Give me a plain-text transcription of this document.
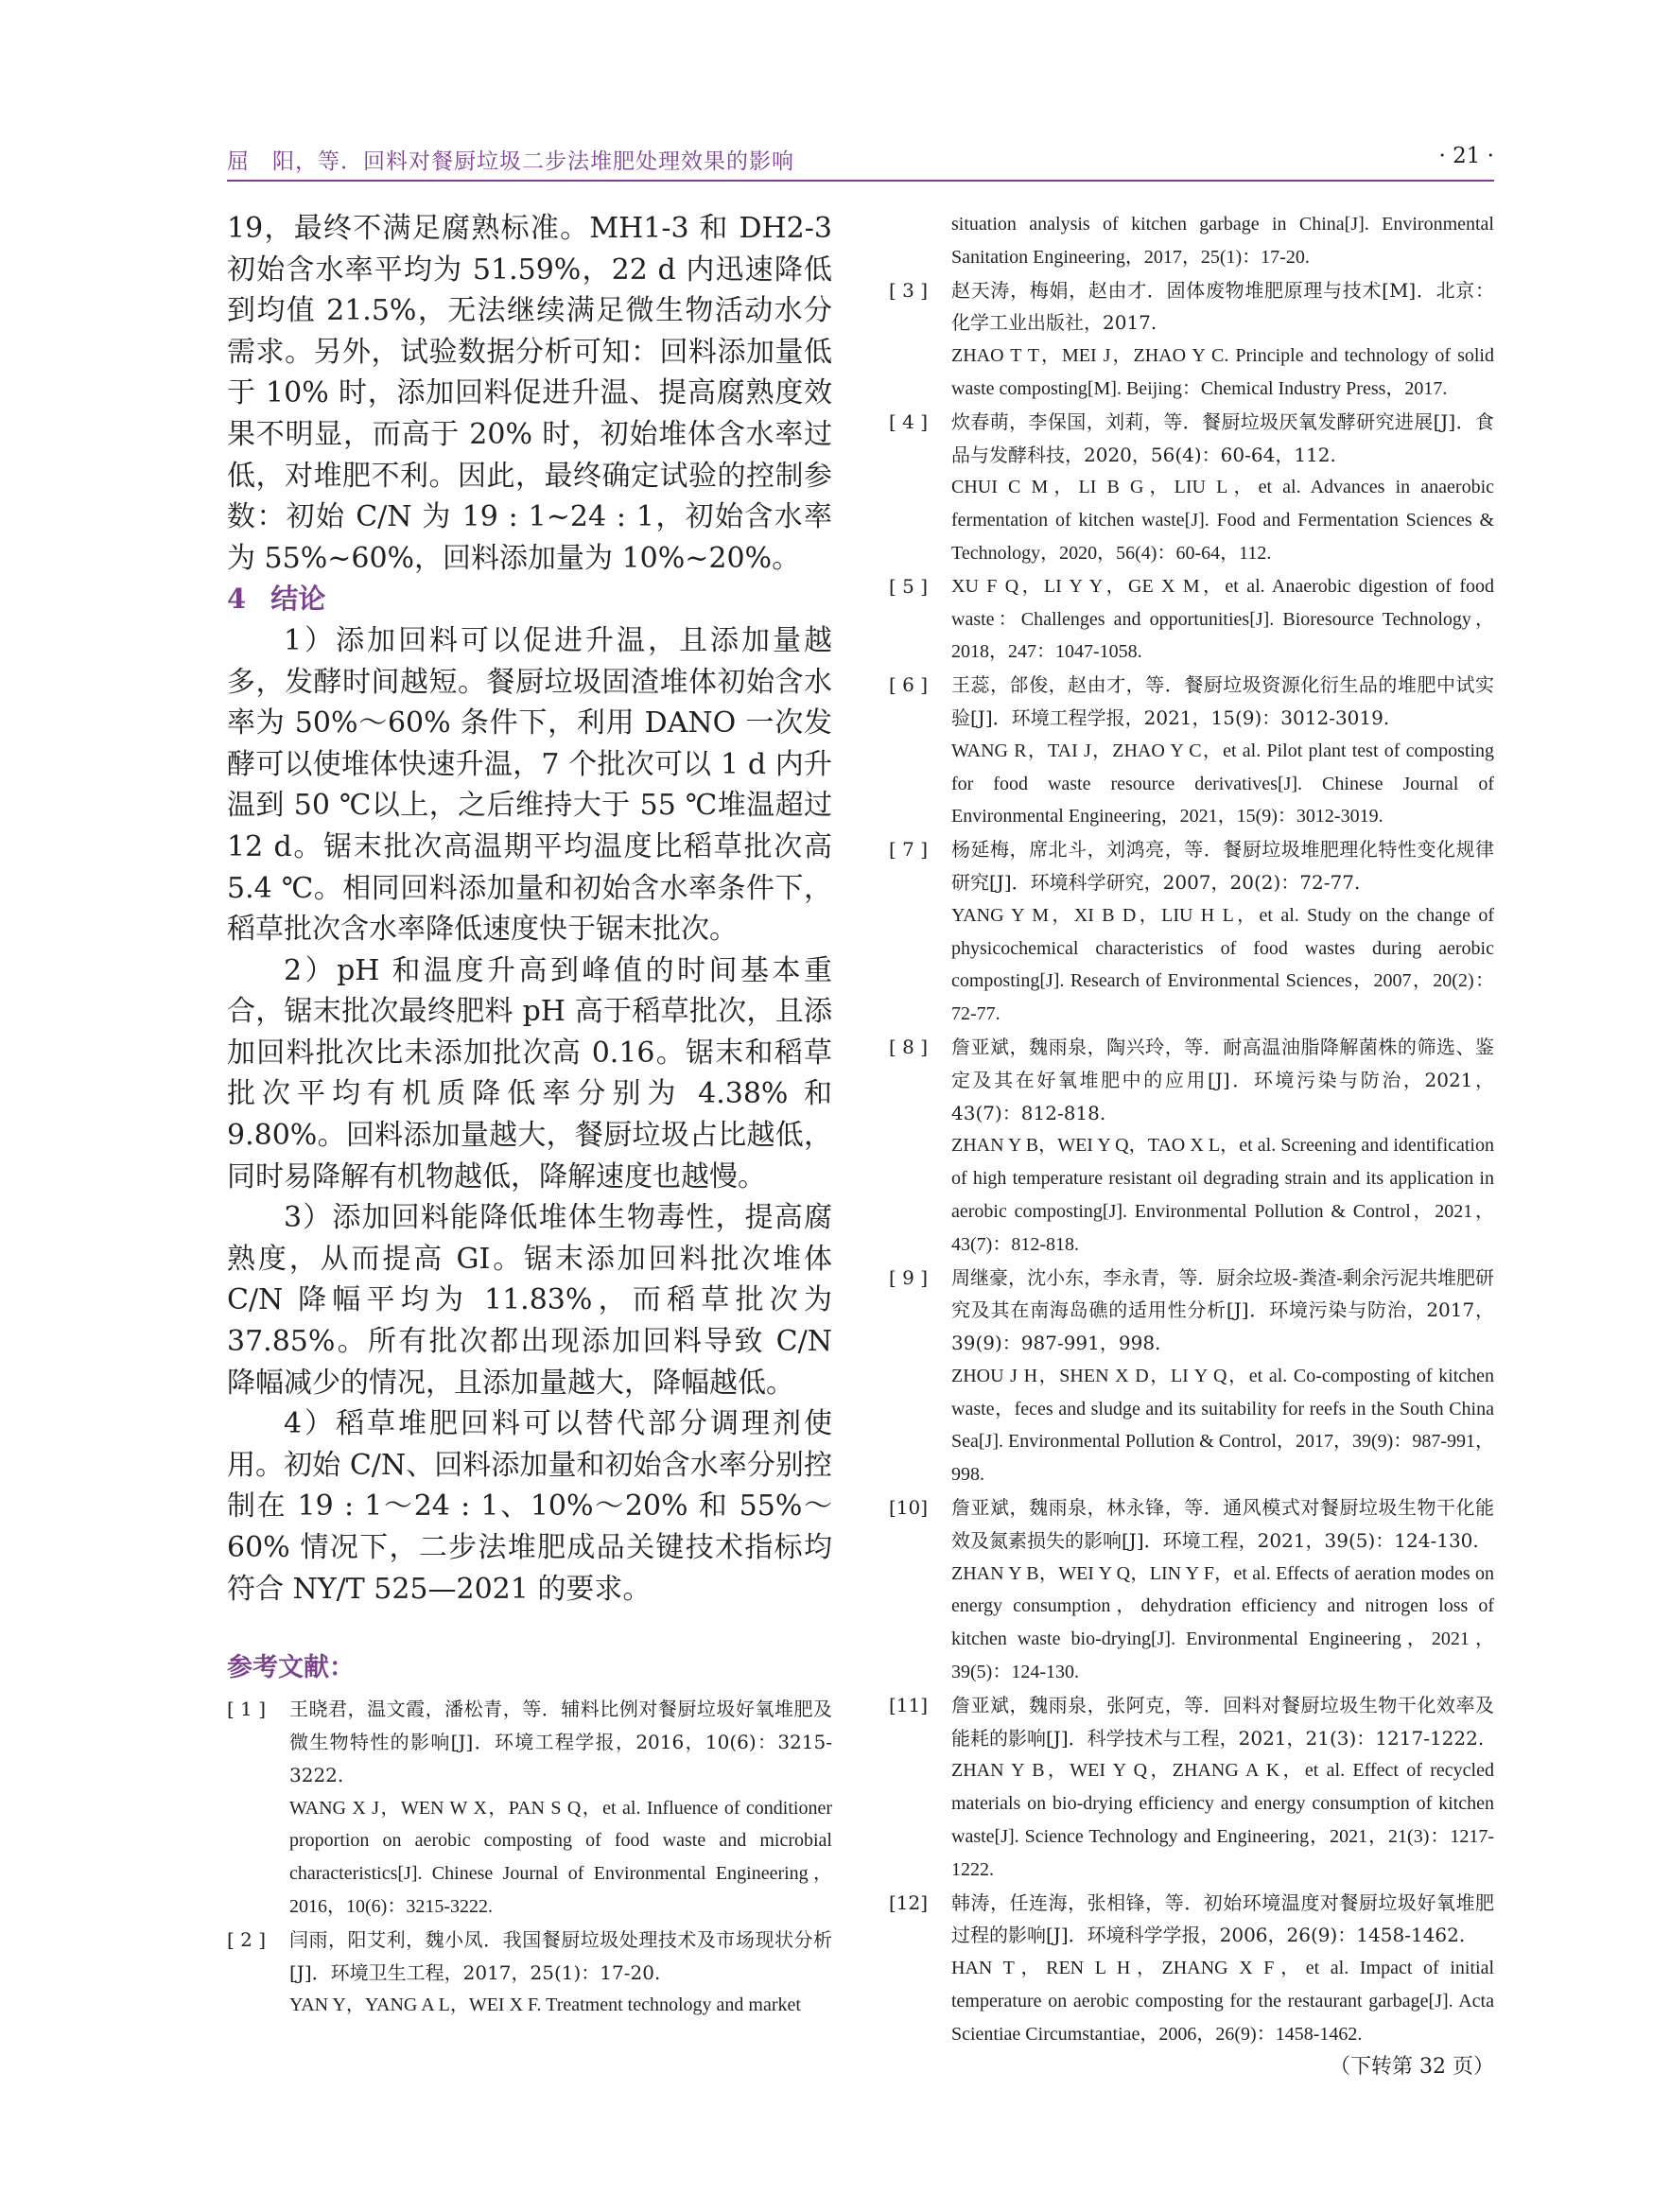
屈　阳，等．回料对餐厨垃圾二步法堆肥处理效果的影响	· 21 ·

19，最终不满足腐熟标准。MH1-3 和 DH2-3 初始含水率平均为 51.59%，22 d 内迅速降低到均值 21.5%，无法继续满足微生物活动水分需求。另外，试验数据分析可知：回料添加量低于 10% 时，添加回料促进升温、提高腐熟度效果不明显，而高于 20% 时，初始堆体含水率过低，对堆肥不利。因此，最终确定试验的控制参数：初始 C/N 为 19 : 1~24 : 1，初始含水率为 55%~60%，回料添加量为 10%~20%。

4 结论

1）添加回料可以促进升温，且添加量越多，发酵时间越短。餐厨垃圾固渣堆体初始含水率为 50%～60% 条件下，利用 DANO 一次发酵可以使堆体快速升温，7 个批次可以 1 d 内升温到 50 ℃以上，之后维持大于 55 ℃堆温超过 12 d。锯末批次高温期平均温度比稻草批次高 5.4 ℃。相同回料添加量和初始含水率条件下，稻草批次含水率降低速度快于锯末批次。

2）pH 和温度升高到峰值的时间基本重合，锯末批次最终肥料 pH 高于稻草批次，且添加回料批次比未添加批次高 0.16。锯末和稻草批次平均有机质降低率分别为 4.38% 和 9.80%。回料添加量越大，餐厨垃圾占比越低，同时易降解有机物越低，降解速度也越慢。

3）添加回料能降低堆体生物毒性，提高腐熟度，从而提高 GI。锯末添加回料批次堆体 C/N 降幅平均为 11.83%，而稻草批次为 37.85%。所有批次都出现添加回料导致 C/N 降幅减少的情况，且添加量越大，降幅越低。

4）稻草堆肥回料可以替代部分调理剂使用。初始 C/N、回料添加量和初始含水率分别控制在 19 : 1～24 : 1、10%～20% 和 55%～60% 情况下，二步法堆肥成品关键技术指标均符合 NY/T 525—2021 的要求。

参考文献：

[ 1 ]	王晓君，温文霞，潘松青，等．辅料比例对餐厨垃圾好氧堆肥及微生物特性的影响[J]．环境工程学报，2016，10(6)：3215-3222.
WANG X J，WEN W X，PAN S Q，et al. Influence of conditioner proportion on aerobic composting of food waste and microbial characteristics[J]. Chinese Journal of Environmental Engineering，2016，10(6)：3215-3222.
[ 2 ]	闫雨，阳艾利，魏小凤．我国餐厨垃圾处理技术及市场现状分析[J]．环境卫生工程，2017，25(1)：17-20.
YAN Y，YANG A L，WEI X F. Treatment technology and market
situation analysis of kitchen garbage in China[J]. Environmental Sanitation Engineering，2017，25(1)：17-20.
[ 3 ]	赵天涛，梅娟，赵由才．固体废物堆肥原理与技术[M]．北京：化学工业出版社，2017.
ZHAO T T，MEI J，ZHAO Y C. Principle and technology of solid waste composting[M]. Beijing：Chemical Industry Press，2017.
[ 4 ]	炊春萌，李保国，刘莉，等．餐厨垃圾厌氧发酵研究进展[J]．食品与发酵科技，2020，56(4)：60-64，112.
CHUI C M，LI B G，LIU L，et al. Advances in anaerobic fermentation of kitchen waste[J]. Food and Fermentation Sciences & Technology，2020，56(4)：60-64，112.
[ 5 ]	XU F Q，LI Y Y，GE X M，et al. Anaerobic digestion of food waste：Challenges and opportunities[J]. Bioresource Technology，2018，247：1047-1058.
[ 6 ]	王蕊，郃俊，赵由才，等．餐厨垃圾资源化衍生品的堆肥中试实验[J]．环境工程学报，2021，15(9)：3012-3019.
WANG R，TAI J，ZHAO Y C，et al. Pilot plant test of composting for food waste resource derivatives[J]. Chinese Journal of Environmental Engineering，2021，15(9)：3012-3019.
[ 7 ]	杨延梅，席北斗，刘鸿亮，等．餐厨垃圾堆肥理化特性变化规律研究[J]．环境科学研究，2007，20(2)：72-77.
YANG Y M，XI B D，LIU H L，et al. Study on the change of physicochemical characteristics of food wastes during aerobic composting[J]. Research of Environmental Sciences，2007，20(2)：72-77.
[ 8 ]	詹亚斌，魏雨泉，陶兴玲，等．耐高温油脂降解菌株的筛选、鉴定及其在好氧堆肥中的应用[J]．环境污染与防治，2021，43(7)：812-818.
ZHAN Y B，WEI Y Q，TAO X L，et al. Screening and identification of high temperature resistant oil degrading strain and its application in aerobic composting[J]. Environmental Pollution & Control，2021，43(7)：812-818.
[ 9 ]	周继豪，沈小东，李永青，等．厨余垃圾-粪渣-剩余污泥共堆肥研究及其在南海岛礁的适用性分析[J]．环境污染与防治，2017，39(9)：987-991，998.
ZHOU J H，SHEN X D，LI Y Q，et al. Co-composting of kitchen waste，feces and sludge and its suitability for reefs in the South China Sea[J]. Environmental Pollution & Control，2017，39(9)：987-991，998.
[10]	詹亚斌，魏雨泉，林永锋，等．通风模式对餐厨垃圾生物干化能效及氮素损失的影响[J]．环境工程，2021，39(5)：124-130.
ZHAN Y B，WEI Y Q，LIN Y F，et al. Effects of aeration modes on energy consumption，dehydration efficiency and nitrogen loss of kitchen waste bio-drying[J]. Environmental Engineering，2021，39(5)：124-130.
[11]	詹亚斌，魏雨泉，张阿克，等．回料对餐厨垃圾生物干化效率及能耗的影响[J]．科学技术与工程，2021，21(3)：1217-1222.
ZHAN Y B，WEI Y Q，ZHANG A K，et al. Effect of recycled materials on bio-drying efficiency and energy consumption of kitchen waste[J]. Science Technology and Engineering，2021，21(3)：1217-1222.
[12]	韩涛，任连海，张相锋，等．初始环境温度对餐厨垃圾好氧堆肥过程的影响[J]．环境科学学报，2006，26(9)：1458-1462.
HAN T，REN L H，ZHANG X F，et al. Impact of initial temperature on aerobic composting for the restaurant garbage[J]. Acta Scientiae Circumstantiae，2006，26(9)：1458-1462.
（下转第 32 页）
